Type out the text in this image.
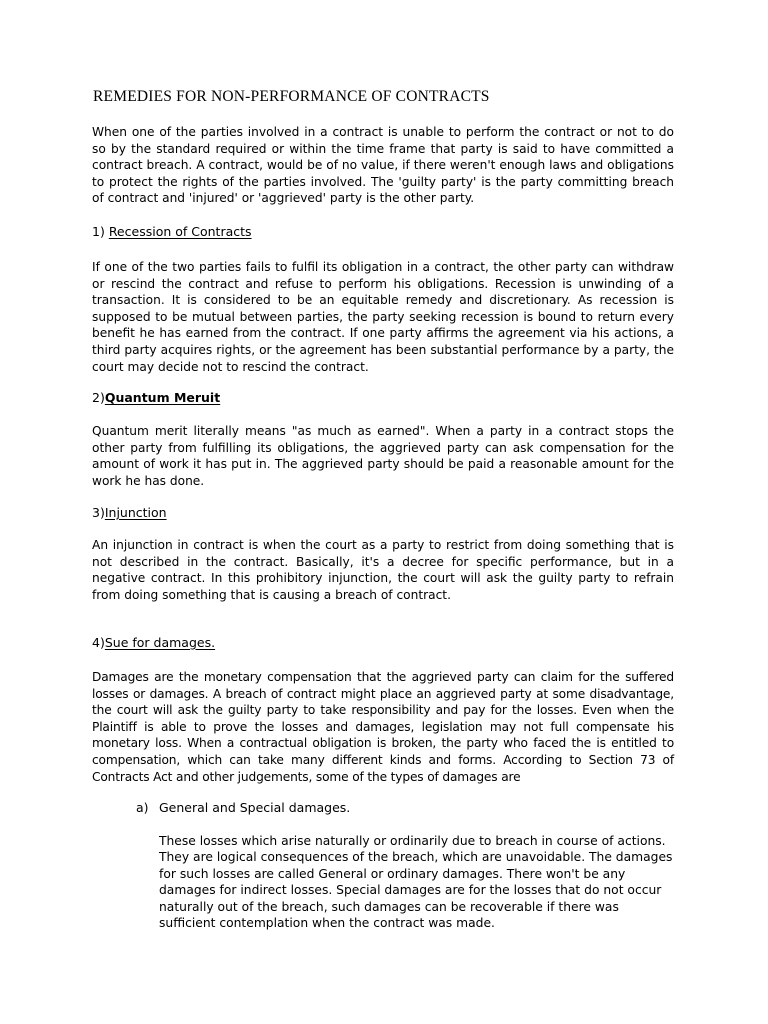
REMEDIES FOR NON-PERFORMANCE OF CONTRACTS
When one of the parties involved in a contract is unable to perform the contract or not to do so by the standard required or within the time frame that party is said to have committed a contract breach. A contract, would be of no value, if there weren't enough laws and obligations to protect the rights of the parties involved. The 'guilty party' is the party committing breach of contract and 'injured' or 'aggrieved' party is the other party.
1) Recession of Contracts
If one of the two parties fails to fulfil its obligation in a contract, the other party can withdraw or rescind the contract and refuse to perform his obligations. Recession is unwinding of a transaction. It is considered to be an equitable remedy and discretionary. As recession is supposed to be mutual between parties, the party seeking recession is bound to return every benefit he has earned from the contract. If one party affirms the agreement via his actions, a third party acquires rights, or the agreement has been substantial performance by a party, the court may decide not to rescind the contract.
2)Quantum Meruit
Quantum merit literally means "as much as earned". When a party in a contract stops the other party from fulfilling its obligations, the aggrieved party can ask compensation for the amount of work it has put in. The aggrieved party should be paid a reasonable amount for the work he has done.
3)Injunction
An injunction in contract is when the court as a party to restrict from doing something that is not described in the contract. Basically, it's a decree for specific performance, but in a negative contract. In this prohibitory injunction, the court will ask the guilty party to refrain from doing something that is causing a breach of contract.
4)Sue for damages.
Damages are the monetary compensation that the aggrieved party can claim for the suffered losses or damages. A breach of contract might place an aggrieved party at some disadvantage, the court will ask the guilty party to take responsibility and pay for the losses. Even when the Plaintiff is able to prove the losses and damages, legislation may not full compensate his monetary loss. When a contractual obligation is broken, the party who faced the is entitled to compensation, which can take many different kinds and forms. According to Section 73 of Contracts Act and other judgements, some of the types of damages are
a) General and Special damages.
These losses which arise naturally or ordinarily due to breach in course of actions. They are logical consequences of the breach, which are unavoidable. The damages for such losses are called General or ordinary damages. There won't be any damages for indirect losses. Special damages are for the losses that do not occur naturally out of the breach, such damages can be recoverable if there was sufficient contemplation when the contract was made.
